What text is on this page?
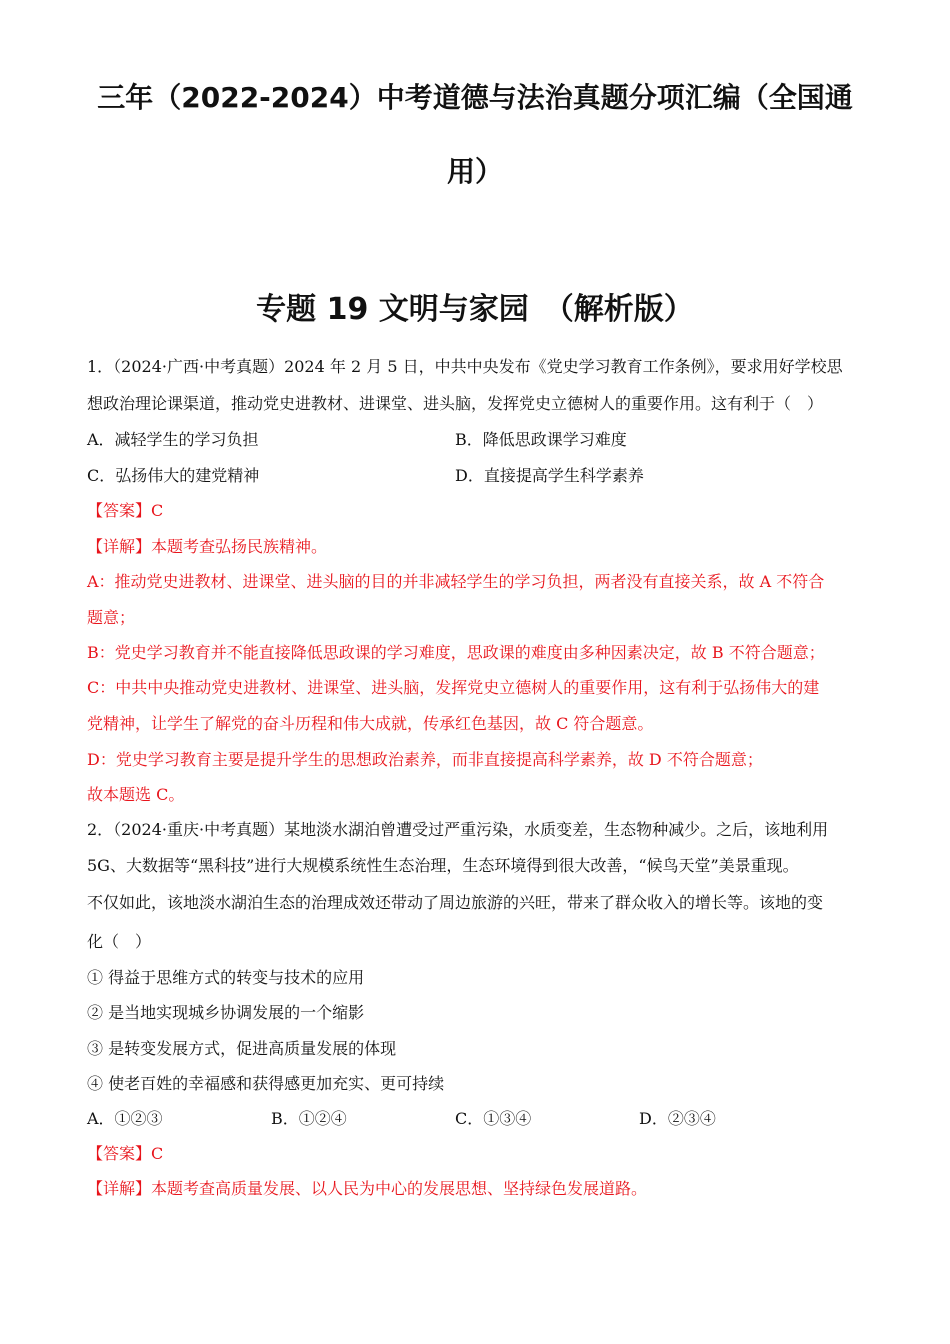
三年（2022-2024）中考道德与法治真题分项汇编（全国通
用）
专题 19 文明与家园　（解析版）
1．（2024·广西·中考真题）2024 年 2 月 5 日，中共中央发布《党史学习教育工作条例》，要求用好学校思
想政治理论课渠道，推动党史进教材、进课堂、进头脑，发挥党史立德树人的重要作用。这有利于（　）
A．减轻学生的学习负担	B．降低思政课学习难度
C．弘扬伟大的建党精神	D．直接提高学生科学素养
【答案】C
【详解】本题考查弘扬民族精神。
A：推动党史进教材、进课堂、进头脑的目的并非减轻学生的学习负担，两者没有直接关系，故 A 不符合
题意；
B：党史学习教育并不能直接降低思政课的学习难度，思政课的难度由多种因素决定，故 B 不符合题意；
C：中共中央推动党史进教材、进课堂、进头脑，发挥党史立德树人的重要作用，这有利于弘扬伟大的建
党精神，让学生了解党的奋斗历程和伟大成就，传承红色基因，故 C 符合题意。
D：党史学习教育主要是提升学生的思想政治素养，而非直接提高科学素养，故 D 不符合题意；
故本题选 C。
2．（2024·重庆·中考真题）某地淡水湖泊曾遭受过严重污染，水质变差，生态物种减少。之后，该地利用
5G、大数据等“黑科技”进行大规模系统性生态治理，生态环境得到很大改善，“候鸟天堂”美景重现。
不仅如此，该地淡水湖泊生态的治理成效还带动了周边旅游的兴旺，带来了群众收入的增长等。该地的变
化（　）
① 得益于思维方式的转变与技术的应用
② 是当地实现城乡协调发展的一个缩影
③ 是转变发展方式，促进高质量发展的体现
④ 使老百姓的幸福感和获得感更加充实、更可持续
A．①②③	B．①②④	C．①③④	D．②③④
【答案】C
【详解】本题考查高质量发展、以人民为中心的发展思想、坚持绿色发展道路。
